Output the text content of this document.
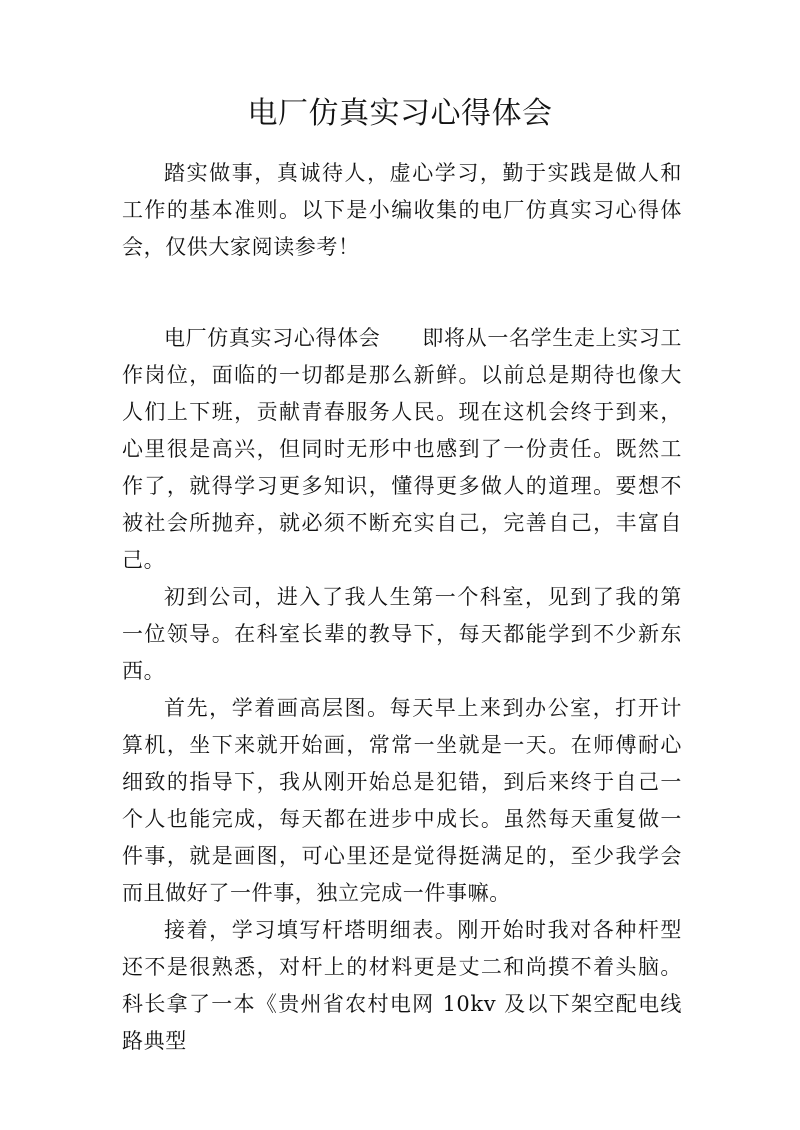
电厂仿真实习心得体会

踏实做事，真诚待人，虚心学习，勤于实践是做人和工作的基本准则。以下是小编收集的电厂仿真实习心得体会，仅供大家阅读参考！

电厂仿真实习心得体会 即将从一名学生走上实习工作岗位，面临的一切都是那么新鲜。以前总是期待也像大人们上下班，贡献青春服务人民。现在这机会终于到来，心里很是高兴，但同时无形中也感到了一份责任。既然工作了，就得学习更多知识，懂得更多做人的道理。要想不被社会所抛弃，就必须不断充实自己，完善自己，丰富自己。

初到公司，进入了我人生第一个科室，见到了我的第一位领导。在科室长辈的教导下，每天都能学到不少新东西。

首先，学着画高层图。每天早上来到办公室，打开计算机，坐下来就开始画，常常一坐就是一天。在师傅耐心细致的指导下，我从刚开始总是犯错，到后来终于自己一个人也能完成，每天都在进步中成长。虽然每天重复做一件事，就是画图，可心里还是觉得挺满足的，至少我学会而且做好了一件事，独立完成一件事嘛。

接着，学习填写杆塔明细表。刚开始时我对各种杆型还不是很熟悉，对杆上的材料更是丈二和尚摸不着头脑。科长拿了一本《贵州省农村电网 10kv 及以下架空配电线路典型
